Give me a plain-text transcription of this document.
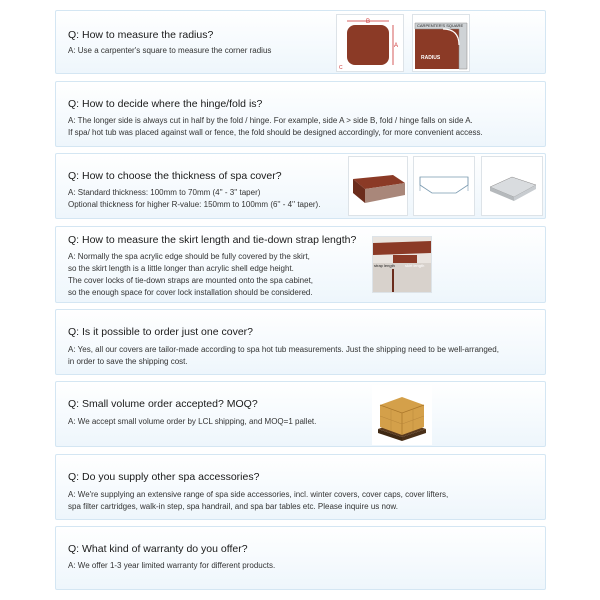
Q: How to measure the radius?
A: Use a carpenter's square to measure the corner radius
B
A
C
CARPENTER'S SQUARE
RADIUS
Q: How to decide where the hinge/fold is?
A: The longer side is always cut in half by the fold / hinge. For example, side A > side B, fold / hinge falls on side A.
If spa/ hot tub was placed against wall or fence, the fold should be designed accordingly, for more convenient access.
Q: How to choose the thickness of spa cover?
A: Standard thickness: 100mm to 70mm (4'' - 3'' taper)
Optional thickness for higher R-value: 150mm to 100mm (6'' - 4'' taper).
Q: How to measure the skirt length and tie-down strap length?
A: Normally the spa acrylic edge should be fully covered by the skirt,
so the skirt length is a little longer than acrylic shell edge height.
The cover locks of tie-down straps are mounted onto the spa cabinet,
so the enough space for cover lock installation should be considered.
strap length	skirt length
Q: Is it possible to order just one cover?
A: Yes, all our covers are tailor-made according to spa hot tub measurements. Just the shipping need to be well-arranged,
in order to save the shipping cost.
Q: Small volume order accepted? MOQ?
A: We accept small volume order by LCL shipping, and MOQ=1 pallet.
Q: Do you supply other spa accessories?
A: We're supplying an extensive range of spa side accessories, incl. winter covers, cover caps, cover lifters,
spa filter cartridges, walk-in step, spa handrail, and spa bar tables etc. Please inquire us now.
Q: What kind of warranty do you offer?
A: We offer 1-3 year limited warranty for different products.
